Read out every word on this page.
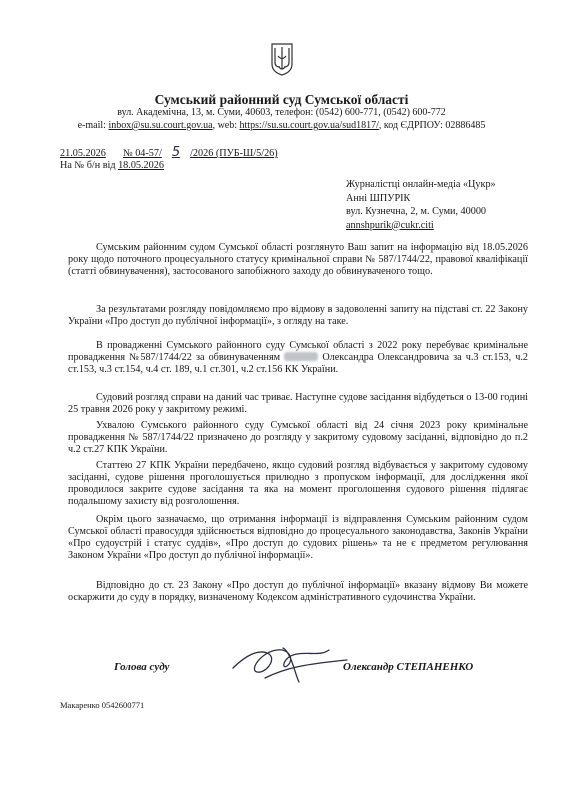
Сумський районний суд Сумської області
вул. Академічна, 13, м. Суми, 40603, телефон: (0542) 600-771, (0542) 600-772
e-mail: inbox@su.su.court.gov.ua, web: https://su.su.court.gov.ua/sud1817/, код ЄДРПОУ: 02886485
21.05.2026 № 04-57/ 5 /2026 (ПУБ-Ш/5/26)
На № б/н від 18.05.2026
Журналістці онлайн-медіа «Цукр»
Анні ШПУРІК
вул. Кузнечна, 2, м. Суми, 40000
annshpurik@cukr.citi
Сумським районним судом Сумської області розглянуто Ваш запит на інформацію від 18.05.2026 року щодо поточного процесуального статусу кримінальної справи № 587/1744/22, правової кваліфікації (статті обвинувачення), застосованого запобіжного заходу до обвинуваченого тощо.
За результатами розгляду повідомляємо про відмову в задоволенні запиту на підставі ст. 22 Закону України «Про доступ до публічної інформації», з огляду на таке.
В провадженні Сумського районного суду Сумської області з 2022 року перебуває кримінальне провадження №587/1744/22 за обвинуваченням	Олександра Олександровича за ч.3 ст.153, ч.2 ст.153, ч.3 ст.154, ч.4 ст. 189, ч.1 ст.301, ч.2 ст.156 КК України.
Судовий розгляд справи на даний час триває. Наступне судове засідання відбудеться о 13-00 годині 25 травня 2026 року у закритому режимі.
Ухвалою Сумського районного суду Сумської області від 24 січня 2023 року кримінальне провадження № 587/1744/22 призначено до розгляду у закритому судовому засіданні, відповідно до п.2 ч.2 ст.27 КПК України.
Статтею 27 КПК України передбачено, якщо судовий розгляд відбувається у закритому судовому засіданні, судове рішення проголошується прилюдно з пропуском інформації, для дослідження якої проводилося закрите судове засідання та яка на момент проголошення судового рішення підлягає подальшому захисту від розголошення.
Окрім цього зазначаємо, що отримання інформації із відправлення Сумським районним судом Сумської області правосуддя здійснюється відповідно до процесуального законодавства, Законів України «Про судоустрій і статус суддів», «Про доступ до судових рішень» та не є предметом регулювання Законом України «Про доступ до публічної інформації».
Відповідно до ст. 23 Закону «Про доступ до публічної інформації» вказану відмову Ви можете оскаржити до суду в порядку, визначеному Кодексом адміністративного судочинства України.
Голова суду	Олександр СТЕПАНЕНКО
Макаренко 0542600771
